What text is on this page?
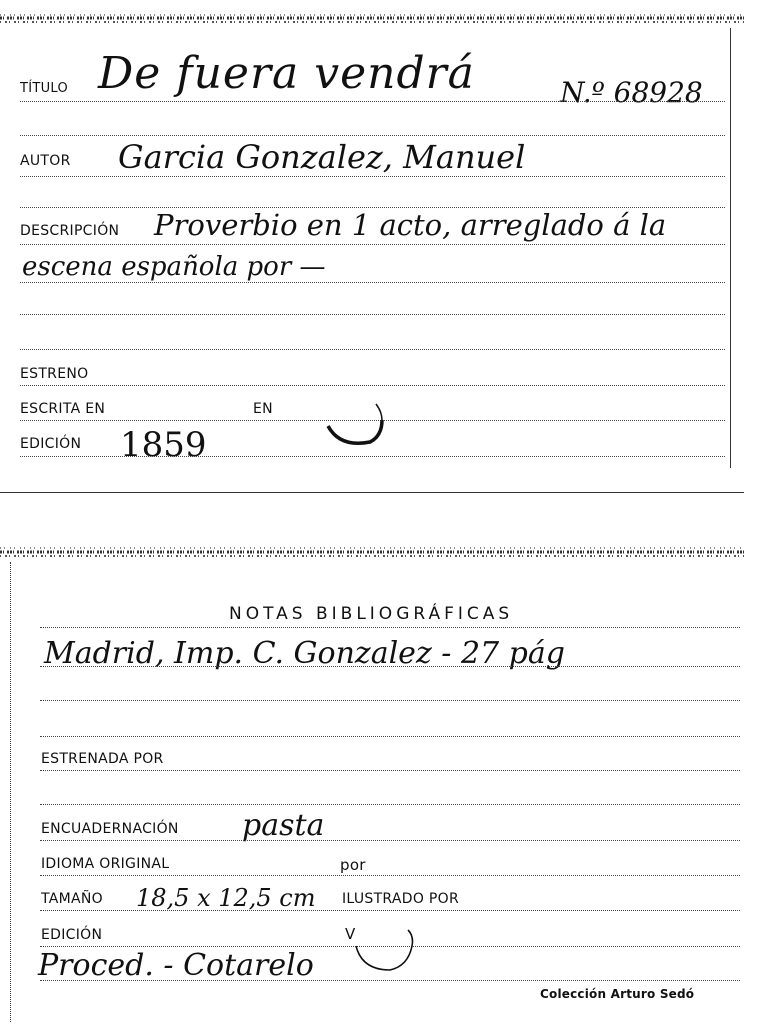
TÍTULO De fuera vendrá	N.º 68928
AUTOR Garcia Gonzalez, Manuel
DESCRIPCIÓN Proverbio en 1 acto, arreglado á la
escena española por —
ESTRENO
ESCRITA EN	EN
EDICIÓN 1859
NOTAS BIBLIOGRÁFICAS
Madrid, Imp. C. Gonzalez - 27 pág
ESTRENADA POR
ENCUADERNACIÓN pasta
IDIOMA ORIGINAL	por
TAMAÑO 18,5 x 12,5 cm ILUSTRADO POR
EDICIÓN	V
Proced. - Cotarelo
Colección Arturo Sedó
